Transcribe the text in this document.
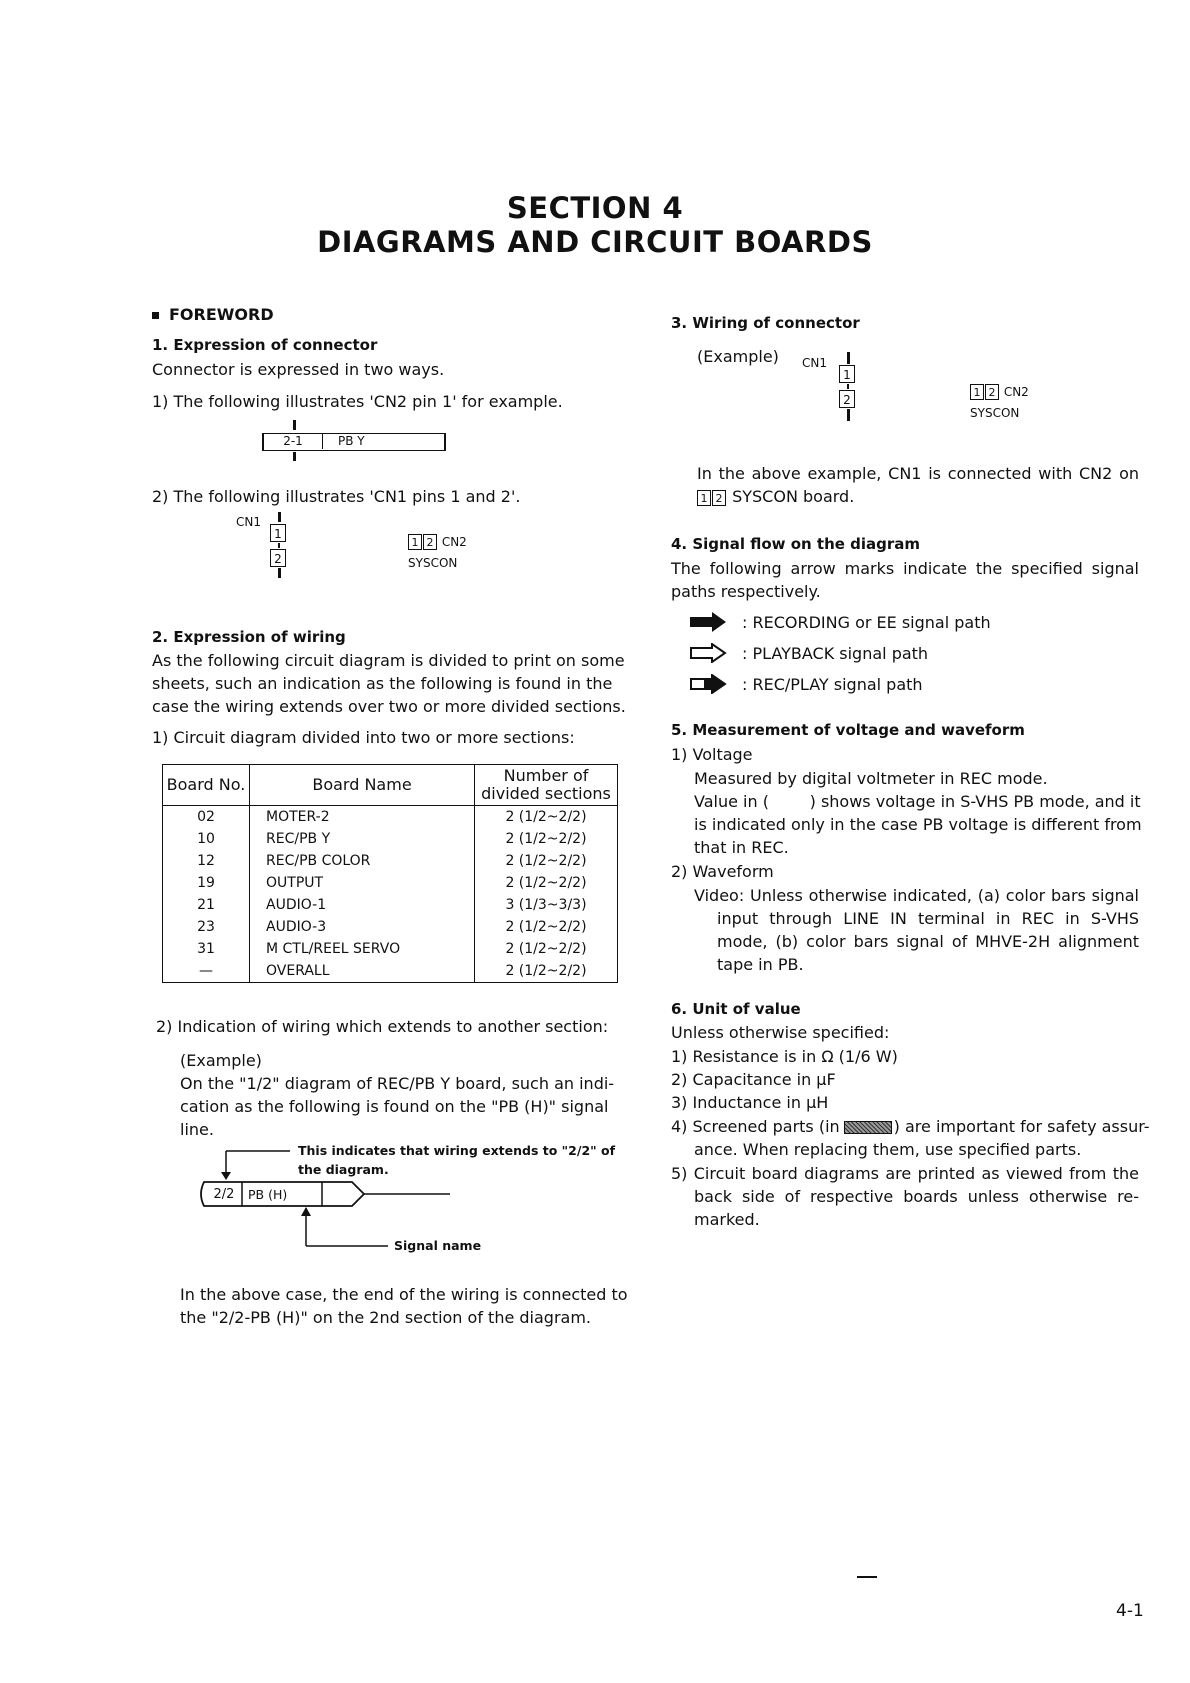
SECTION 4
DIAGRAMS AND CIRCUIT BOARDS
FOREWORD
1. Expression of connector
Connector is expressed in two ways.
1) The following illustrates 'CN2 pin 1' for example.
2-1	PB Y
2) The following illustrates 'CN1 pins 1 and 2'.
CN1
1
2
1 2 CN2
SYSCON
2. Expression of wiring
As the following circuit diagram is divided to print on some
sheets, such an indication as the following is found in the
case the wiring extends over two or more divided sections.
1) Circuit diagram divided into two or more sections:
Board No.	Board Name	Number of divided sections
02	MOTER-2	2 (1/2~2/2)
10	REC/PB Y	2 (1/2~2/2)
12	REC/PB COLOR	2 (1/2~2/2)
19	OUTPUT	2 (1/2~2/2)
21	AUDIO-1	3 (1/3~3/3)
23	AUDIO-3	2 (1/2~2/2)
31	M CTL/REEL SERVO	2 (1/2~2/2)
—	OVERALL	2 (1/2~2/2)
2) Indication of wiring which extends to another section:
(Example)
On the "1/2" diagram of REC/PB Y board, such an indi-
cation as the following is found on the "PB (H)" signal
line.
This indicates that wiring extends to "2/2" of
the diagram.
2/2	PB (H)
Signal name
In the above case, the end of the wiring is connected to
the "2/2-PB (H)" on the 2nd section of the diagram.
3. Wiring of connector
(Example) CN1
1
2
1 2 CN2
SYSCON
In the above example, CN1 is connected with CN2 on
1 2 SYSCON board.
4. Signal flow on the diagram
The following arrow marks indicate the specified signal
paths respectively.
: RECORDING or EE signal path
: PLAYBACK signal path
: REC/PLAY signal path
5. Measurement of voltage and waveform
1) Voltage
Measured by digital voltmeter in REC mode.
Value in (        ) shows voltage in S-VHS PB mode, and it
is indicated only in the case PB voltage is different from
that in REC.
2) Waveform
Video: Unless otherwise indicated, (a) color bars signal
input through LINE IN terminal in REC in S-VHS
mode, (b) color bars signal of MHVE-2H alignment
tape in PB.
6. Unit of value
Unless otherwise specified:
1) Resistance is in Ω (1/6 W)
2) Capacitance in μF
3) Inductance in μH
4) Screened parts (in	) are important for safety assur-
ance. When replacing them, use specified parts.
5) Circuit board diagrams are printed as viewed from the
back side of respective boards unless otherwise re-
marked.
4-1
